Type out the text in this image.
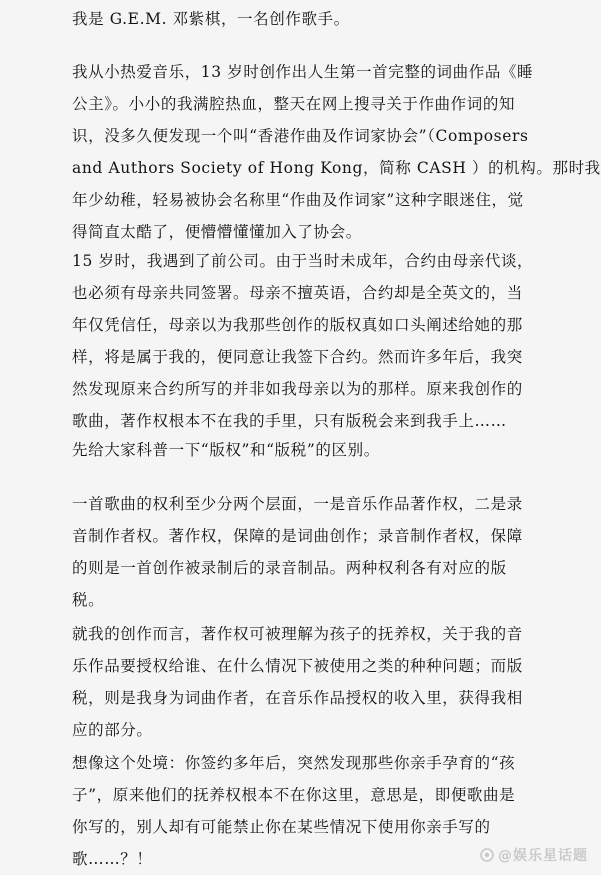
我是 G.E.M. 邓紫棋，一名创作歌手。
我从小热爱音乐，13 岁时创作出人生第一首完整的词曲作品《睡
公主》。小小的我满腔热血，整天在网上搜寻关于作曲作词的知
识，没多久便发现一个叫“香港作曲及作词家协会”（Composers
and Authors Society of Hong Kong，简称 CASH ）的机构。那时我
年少幼稚，轻易被协会名称里“作曲及作词家”这种字眼迷住，觉
得简直太酷了，便懵懵懂懂加入了协会。
15 岁时，我遇到了前公司。由于当时未成年，合约由母亲代谈，
也必须有母亲共同签署。母亲不擅英语，合约却是全英文的，当
年仅凭信任，母亲以为我那些创作的版权真如口头阐述给她的那
样，将是属于我的，便同意让我签下合约。然而许多年后，我突
然发现原来合约所写的并非如我母亲以为的那样。原来我创作的
歌曲，著作权根本不在我的手里，只有版税会来到我手上……
先给大家科普一下“版权”和“版税”的区别。
一首歌曲的权利至少分两个层面，一是音乐作品著作权，二是录
音制作者权。著作权，保障的是词曲创作；录音制作者权，保障
的则是一首创作被录制后的录音制品。两种权利各有对应的版
税。
就我的创作而言，著作权可被理解为孩子的抚养权，关于我的音
乐作品要授权给谁、在什么情况下被使用之类的种种问题；而版
税，则是我身为词曲作者，在音乐作品授权的收入里，获得我相
应的部分。
想像这个处境：你签约多年后，突然发现那些你亲手孕育的“孩
子”，原来他们的抚养权根本不在你这里，意思是，即便歌曲是
你写的，别人却有可能禁止你在某些情况下使用你亲手写的
歌……？！	@娱乐星话题
